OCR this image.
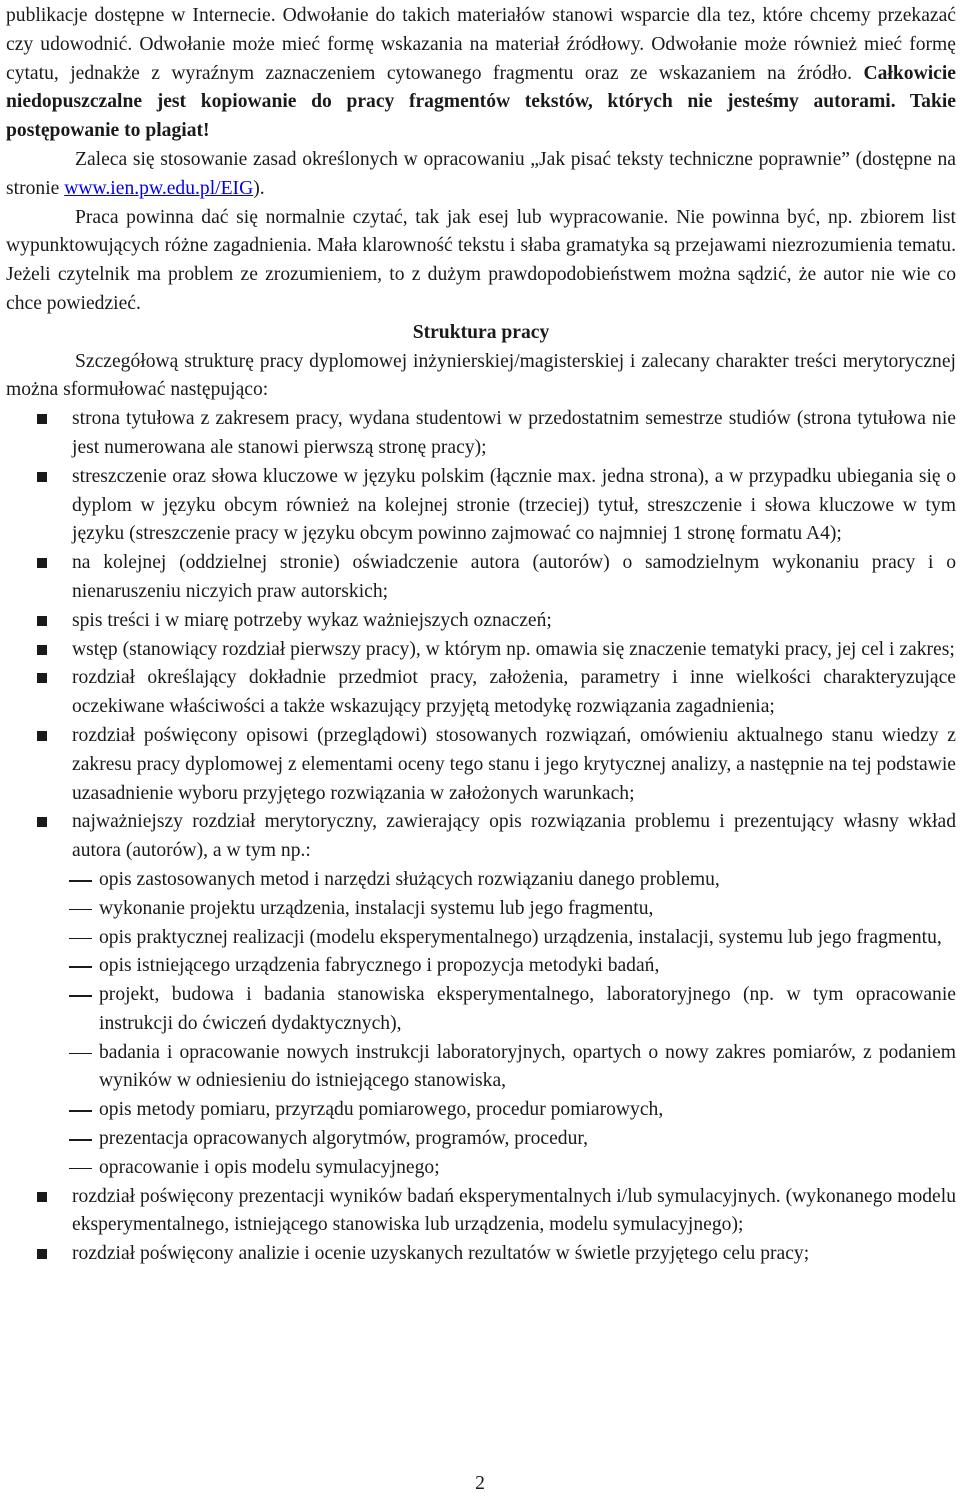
publikacje dostępne w Internecie. Odwołanie do takich materiałów stanowi wsparcie dla tez, które chcemy przekazać czy udowodnić. Odwołanie może mieć formę wskazania na materiał źródłowy. Odwołanie może również mieć formę cytatu, jednakże z wyraźnym zaznaczeniem cytowanego fragmentu oraz ze wskazaniem na źródło. Całkowicie niedopuszczalne jest kopiowanie do pracy fragmentów tekstów, których nie jesteśmy autorami. Takie postępowanie to plagiat!

Zaleca się stosowanie zasad określonych w opracowaniu „Jak pisać teksty techniczne poprawnie” (dostępne na stronie www.ien.pw.edu.pl/EIG).

Praca powinna dać się normalnie czytać, tak jak esej lub wypracowanie. Nie powinna być, np. zbiorem list wypunktowujących różne zagadnienia. Mała klarowność tekstu i słaba gramatyka są przejawami niezrozumienia tematu. Jeżeli czytelnik ma problem ze zrozumieniem, to z dużym prawdopodobieństwem można sądzić, że autor nie wie co chce powiedzieć.

Struktura pracy

Szczegółową strukturę pracy dyplomowej inżynierskiej/magisterskiej i zalecany charakter treści merytorycznej można sformułować następująco:

strona tytułowa z zakresem pracy, wydana studentowi w przedostatnim semestrze studiów (strona tytułowa nie jest numerowana ale stanowi pierwszą stronę pracy);
streszczenie oraz słowa kluczowe w języku polskim (łącznie max. jedna strona), a w przypadku ubiegania się o dyplom w języku obcym również na kolejnej stronie (trzeciej) tytuł, streszczenie i słowa kluczowe w tym języku (streszczenie pracy w języku obcym powinno zajmować co najmniej 1 stronę formatu A4);
na kolejnej (oddzielnej stronie) oświadczenie autora (autorów) o samodzielnym wykonaniu pracy i o nienaruszeniu niczyich praw autorskich;
spis treści i w miarę potrzeby wykaz ważniejszych oznaczeń;
wstęp (stanowiący rozdział pierwszy pracy), w którym np. omawia się znaczenie tematyki pracy, jej cel i zakres;
rozdział określający dokładnie przedmiot pracy, założenia, parametry i inne wielkości charakteryzujące oczekiwane właściwości a także wskazujący przyjętą metodykę rozwiązania zagadnienia;
rozdział poświęcony opisowi (przeglądowi) stosowanych rozwiązań, omówieniu aktualnego stanu wiedzy z zakresu pracy dyplomowej z elementami oceny tego stanu i jego krytycznej analizy, a następnie na tej podstawie uzasadnienie wyboru przyjętego rozwiązania w założonych warunkach;
najważniejszy rozdział merytoryczny, zawierający opis rozwiązania problemu i prezentujący własny wkład autora (autorów), a w tym np.:
opis zastosowanych metod i narzędzi służących rozwiązaniu danego problemu,
wykonanie projektu urządzenia, instalacji systemu lub jego fragmentu,
opis praktycznej realizacji (modelu eksperymentalnego) urządzenia, instalacji, systemu lub jego fragmentu,
opis istniejącego urządzenia fabrycznego i propozycja metodyki badań,
projekt, budowa i badania stanowiska eksperymentalnego, laboratoryjnego (np. w tym opracowanie instrukcji do ćwiczeń dydaktycznych),
badania i opracowanie nowych instrukcji laboratoryjnych, opartych o nowy zakres pomiarów, z podaniem wyników w odniesieniu do istniejącego stanowiska,
opis metody pomiaru, przyrządu pomiarowego, procedur pomiarowych,
prezentacja opracowanych algorytmów, programów, procedur,
opracowanie i opis modelu symulacyjnego;
rozdział poświęcony prezentacji wyników badań eksperymentalnych i/lub symulacyjnych. (wykonanego modelu eksperymentalnego, istniejącego stanowiska lub urządzenia, modelu symulacyjnego);
rozdział poświęcony analizie i ocenie uzyskanych rezultatów w świetle przyjętego celu pracy;
2
